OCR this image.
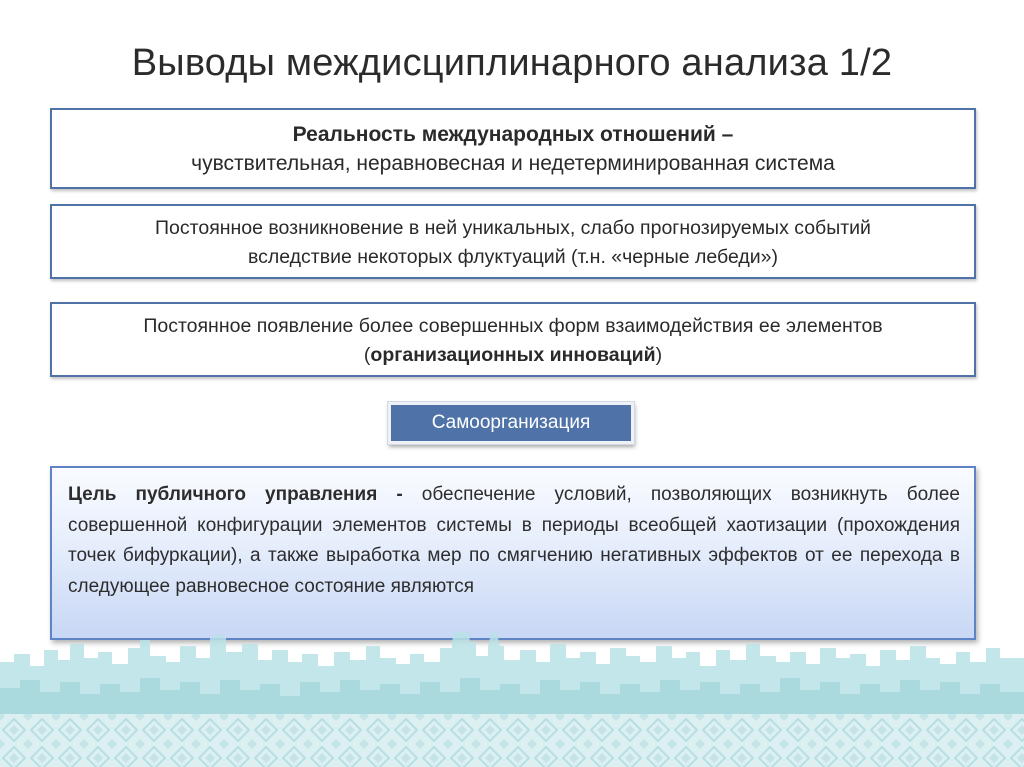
Выводы междисциплинарного анализа 1/2
Реальность международных отношений –
чувствительная, неравновесная и недетерминированная система
Постоянное возникновение в ней уникальных, слабо прогнозируемых событий
вследствие некоторых флуктуаций (т.н. «черные лебеди»)
Постоянное появление более совершенных форм взаимодействия ее элементов
(организационных инноваций)
Самоорганизация
Цель публичного управления - обеспечение условий, позволяющих возникнуть более совершенной конфигурации элементов системы в периоды всеобщей хаотизации (прохождения точек бифуркации), а также выработка мер по смягчению негативных эффектов от ее перехода в следующее равновесное состояние являются
